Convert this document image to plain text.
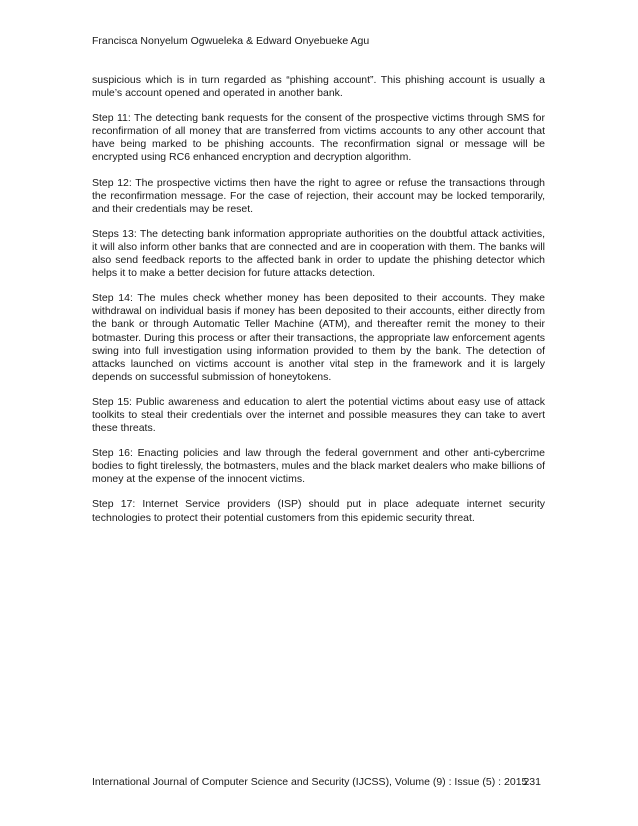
Francisca Nonyelum Ogwueleka & Edward Onyebueke Agu

suspicious which is in turn regarded as “phishing account”. This phishing account is usually a mule’s account opened and operated in another bank.

Step 11: The detecting bank requests for the consent of the prospective victims through SMS for reconfirmation of all money that are transferred from victims accounts to any other account that have being marked to be phishing accounts. The reconfirmation signal or message will be encrypted using RC6 enhanced encryption and decryption algorithm.

Step 12: The prospective victims then have the right to agree or refuse the transactions through the reconfirmation message. For the case of rejection, their account may be locked temporarily, and their credentials may be reset.

Steps 13: The detecting bank information appropriate authorities on the doubtful attack activities, it will also inform other banks that are connected and are in cooperation with them. The banks will also send feedback reports to the affected bank in order to update the phishing detector which helps it to make a better decision for future attacks detection.

Step 14: The mules check whether money has been deposited to their accounts. They make withdrawal on individual basis if money has been deposited to their accounts, either directly from the bank or through Automatic Teller Machine (ATM), and thereafter remit the money to their botmaster. During this process or after their transactions, the appropriate law enforcement agents swing into full investigation using information provided to them by the bank. The detection of attacks launched on victims account is another vital step in the framework and it is largely depends on successful submission of honeytokens.

Step 15: Public awareness and education to alert the potential victims about easy use of attack toolkits to steal their credentials over the internet and possible measures they can take to avert these threats.

Step 16: Enacting policies and law through the federal government and other anti-cybercrime bodies to fight tirelessly, the botmasters, mules and the black market dealers who make billions of money at the expense of the innocent victims.

Step 17: Internet Service providers (ISP) should put in place adequate internet security technologies to protect their potential customers from this epidemic security threat.

International Journal of Computer Science and Security (IJCSS), Volume (9) : Issue (5) : 2015
231
